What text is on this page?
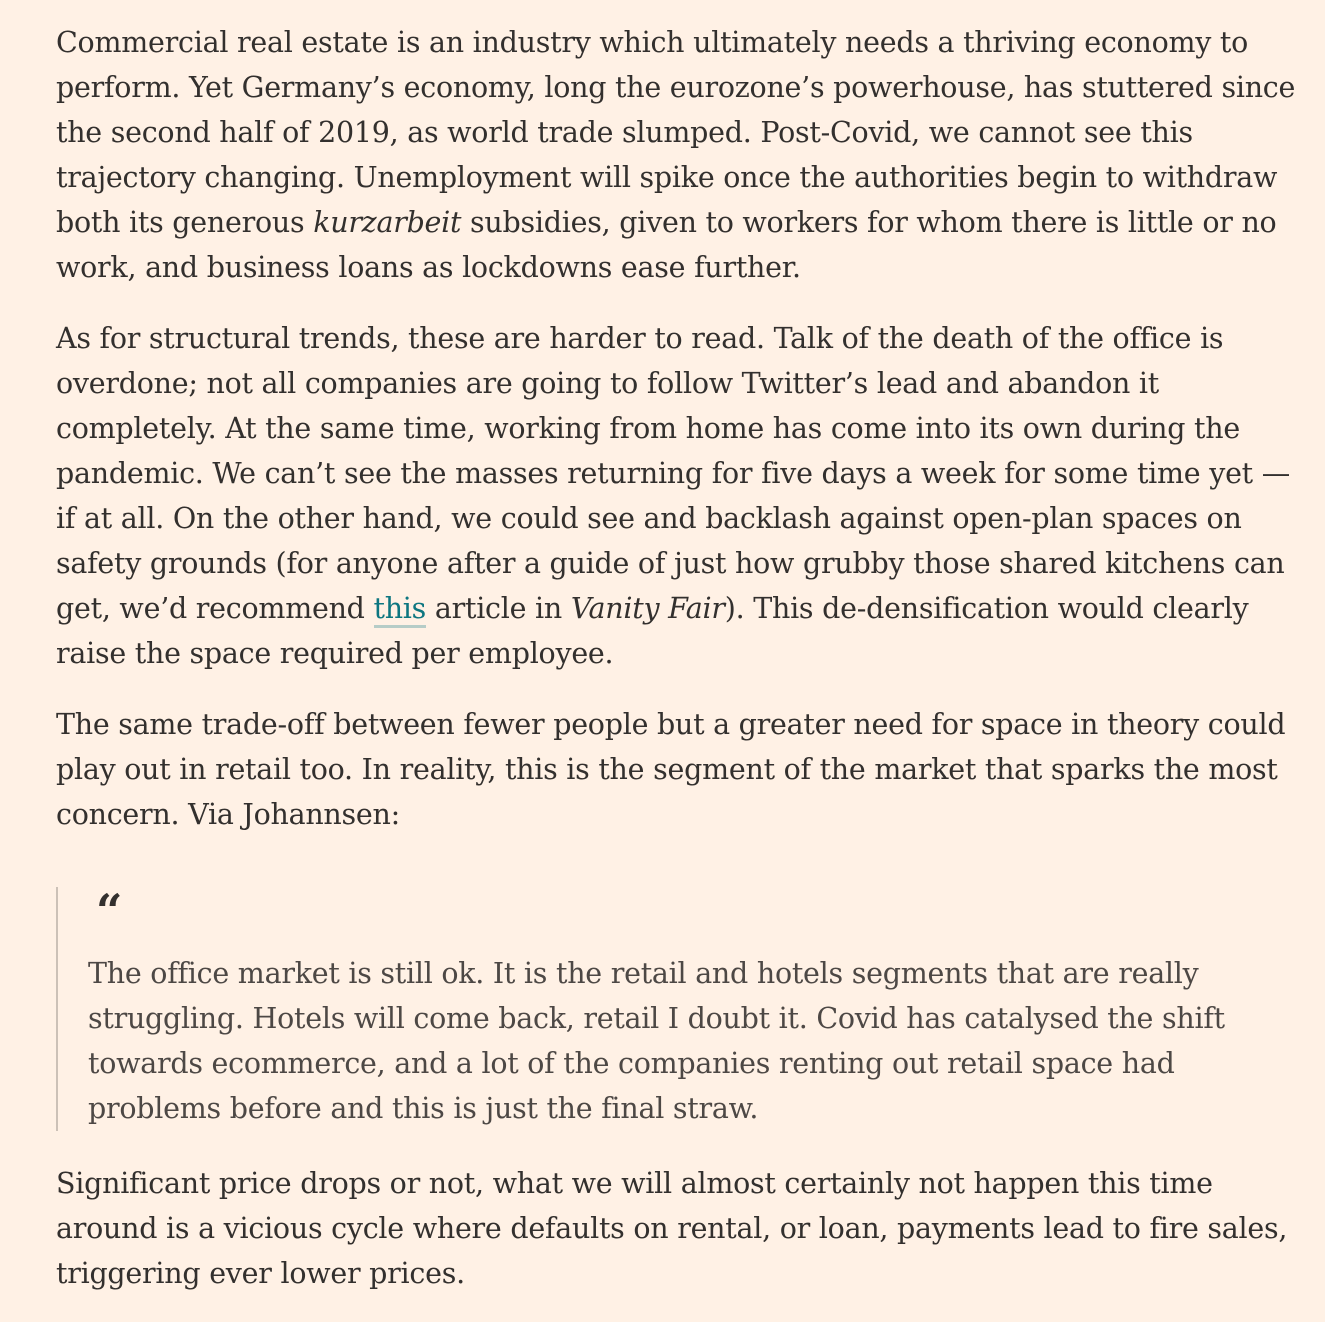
Commercial real estate is an industry which ultimately needs a thriving economy to perform. Yet Germany’s economy, long the eurozone’s powerhouse, has stuttered since the second half of 2019, as world trade slumped. Post-Covid, we cannot see this trajectory changing. Unemployment will spike once the authorities begin to withdraw both its generous kurzarbeit subsidies, given to workers for whom there is little or no work, and business loans as lockdowns ease further.

As for structural trends, these are harder to read. Talk of the death of the office is overdone; not all companies are going to follow Twitter’s lead and abandon it completely. At the same time, working from home has come into its own during the pandemic. We can’t see the masses returning for five days a week for some time yet — if at all. On the other hand, we could see and backlash against open-plan spaces on safety grounds (for anyone after a guide of just how grubby those shared kitchens can get, we’d recommend this article in Vanity Fair). This de-densification would clearly raise the space required per employee.

The same trade-off between fewer people but a greater need for space in theory could play out in retail too. In reality, this is the segment of the market that sparks the most concern. Via Johannsen:

“

The office market is still ok. It is the retail and hotels segments that are really struggling. Hotels will come back, retail I doubt it. Covid has catalysed the shift towards ecommerce, and a lot of the companies renting out retail space had problems before and this is just the final straw.

Significant price drops or not, what we will almost certainly not happen this time around is a vicious cycle where defaults on rental, or loan, payments lead to fire sales, triggering ever lower prices.
